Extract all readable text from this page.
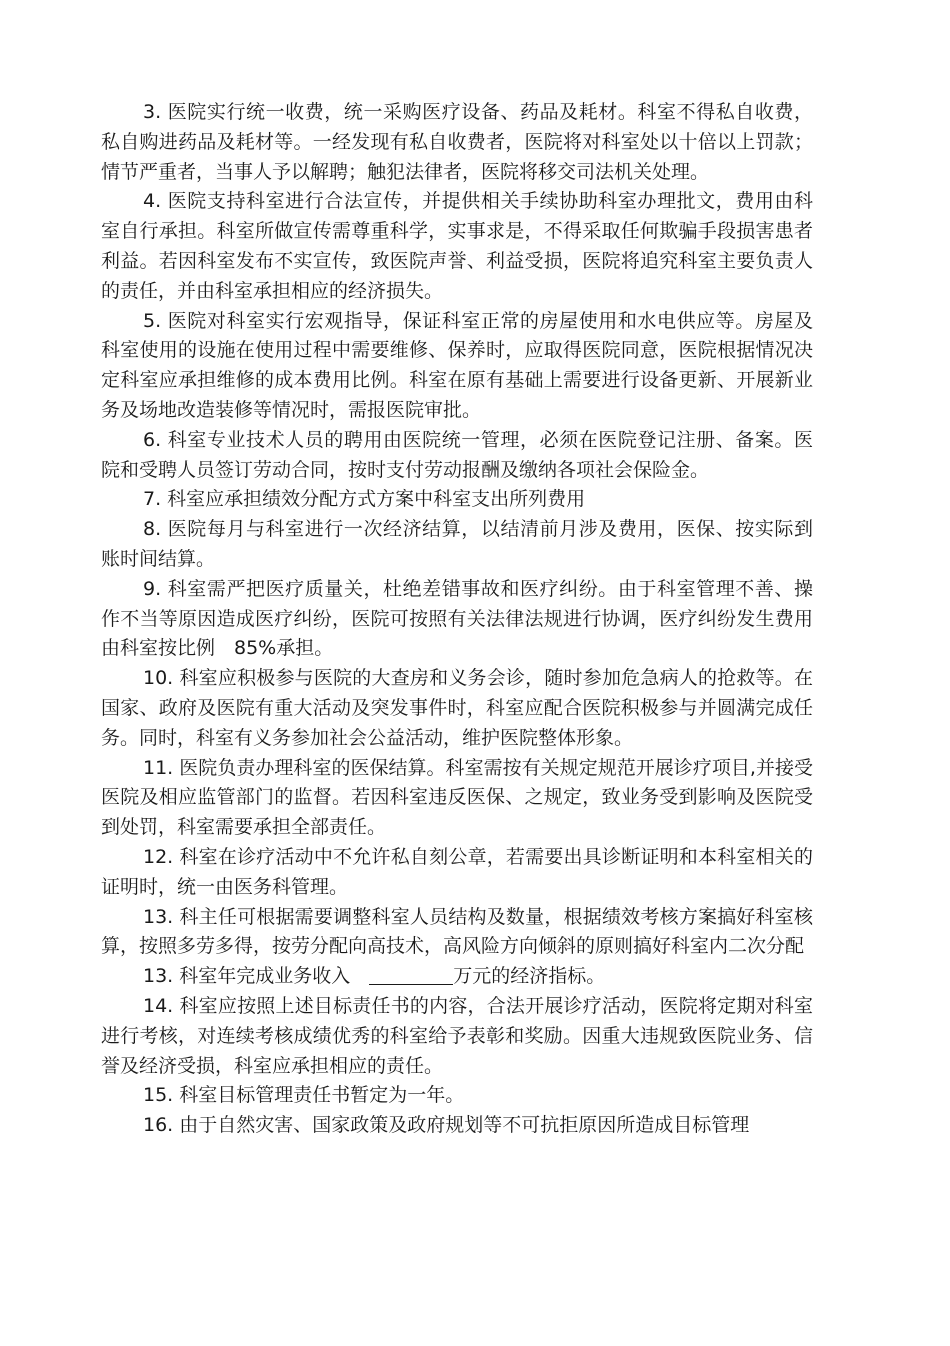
3. 医院实行统一收费，统一采购医疗设备、药品及耗材。科室不得私自收费，私自购进药品及耗材等。一经发现有私自收费者，医院将对科室处以十倍以上罚款；情节严重者，当事人予以解聘；触犯法律者，医院将移交司法机关处理。

4. 医院支持科室进行合法宣传，并提供相关手续协助科室办理批文，费用由科室自行承担。科室所做宣传需尊重科学，实事求是，不得采取任何欺骗手段损害患者利益。若因科室发布不实宣传，致医院声誉、利益受损，医院将追究科室主要负责人的责任，并由科室承担相应的经济损失。

5. 医院对科室实行宏观指导，保证科室正常的房屋使用和水电供应等。房屋及科室使用的设施在使用过程中需要维修、保养时，应取得医院同意，医院根据情况决定科室应承担维修的成本费用比例。科室在原有基础上需要进行设备更新、开展新业务及场地改造装修等情况时，需报医院审批。

6. 科室专业技术人员的聘用由医院统一管理，必须在医院登记注册、备案。医院和受聘人员签订劳动合同，按时支付劳动报酬及缴纳各项社会保险金。

7. 科室应承担绩效分配方式方案中科室支出所列费用

8. 医院每月与科室进行一次经济结算，以结清前月涉及费用，医保、按实际到账时间结算。

9. 科室需严把医疗质量关，杜绝差错事故和医疗纠纷。由于科室管理不善、操作不当等原因造成医疗纠纷，医院可按照有关法律法规进行协调，医疗纠纷发生费用由科室按比例　85%承担。

10. 科室应积极参与医院的大查房和义务会诊，随时参加危急病人的抢救等。在国家、政府及医院有重大活动及突发事件时，科室应配合医院积极参与并圆满完成任务。同时，科室有义务参加社会公益活动，维护医院整体形象。

11. 医院负责办理科室的医保结算。科室需按有关规定规范开展诊疗项目,并接受医院及相应监管部门的监督。若因科室违反医保、之规定，致业务受到影响及医院受到处罚，科室需要承担全部责任。

12. 科室在诊疗活动中不允许私自刻公章，若需要出具诊断证明和本科室相关的证明时，统一由医务科管理。

13. 科主任可根据需要调整科室人员结构及数量，根据绩效考核方案搞好科室核算，按照多劳多得，按劳分配向高技术，高风险方向倾斜的原则搞好科室内二次分配

13. 科室年完成业务收入　	万元的经济指标。

14. 科室应按照上述目标责任书的内容，合法开展诊疗活动，医院将定期对科室进行考核，对连续考核成绩优秀的科室给予表彰和奖励。因重大违规致医院业务、信誉及经济受损，科室应承担相应的责任。

15. 科室目标管理责任书暂定为一年。

16. 由于自然灾害、国家政策及政府规划等不可抗拒原因所造成目标管理
